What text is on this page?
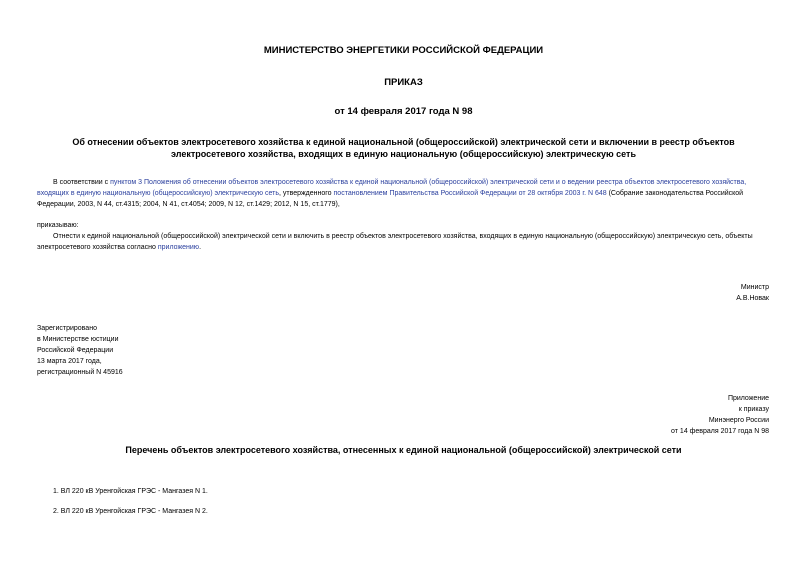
МИНИСТЕРСТВО ЭНЕРГЕТИКИ РОССИЙСКОЙ ФЕДЕРАЦИИ
ПРИКАЗ
от 14 февраля 2017 года N 98
Об отнесении объектов электросетевого хозяйства к единой национальной (общероссийской) электрической сети и включении в реестр объектов
электросетевого хозяйства, входящих в единую национальную (общероссийскую) электрическую сеть
В соответствии с пунктом 3 Положения об отнесении объектов электросетевого хозяйства к единой национальной (общероссийской) электрической сети и о ведении реестра объектов электросетевого хозяйства,
входящих в единую национальную (общероссийскую) электрическую сеть, утвержденного постановлением Правительства Российской Федерации от 28 октября 2003 г. N 648 (Собрание законодательства Российской
Федерации, 2003, N 44, ст.4315; 2004, N 41, ст.4054; 2009, N 12, ст.1429; 2012, N 15, ст.1779),
приказываю:
Отнести к единой национальной (общероссийской) электрической сети и включить в реестр объектов электросетевого хозяйства, входящих в единую национальную (общероссийскую) электрическую сеть, объекты
электросетевого хозяйства согласно приложению.
Министр
А.В.Новак
Зарегистрировано
в Министерстве юстиции
Российской Федерации
13 марта 2017 года,
регистрационный N 45916
Приложение
к приказу
Минэнерго России
от 14 февраля 2017 года N 98
Перечень объектов электросетевого хозяйства, отнесенных к единой национальной (общероссийской) электрической сети
1. ВЛ 220 кВ Уренгойская ГРЭС - Мангазея N 1.
2. ВЛ 220 кВ Уренгойская ГРЭС - Мангазея N 2.
